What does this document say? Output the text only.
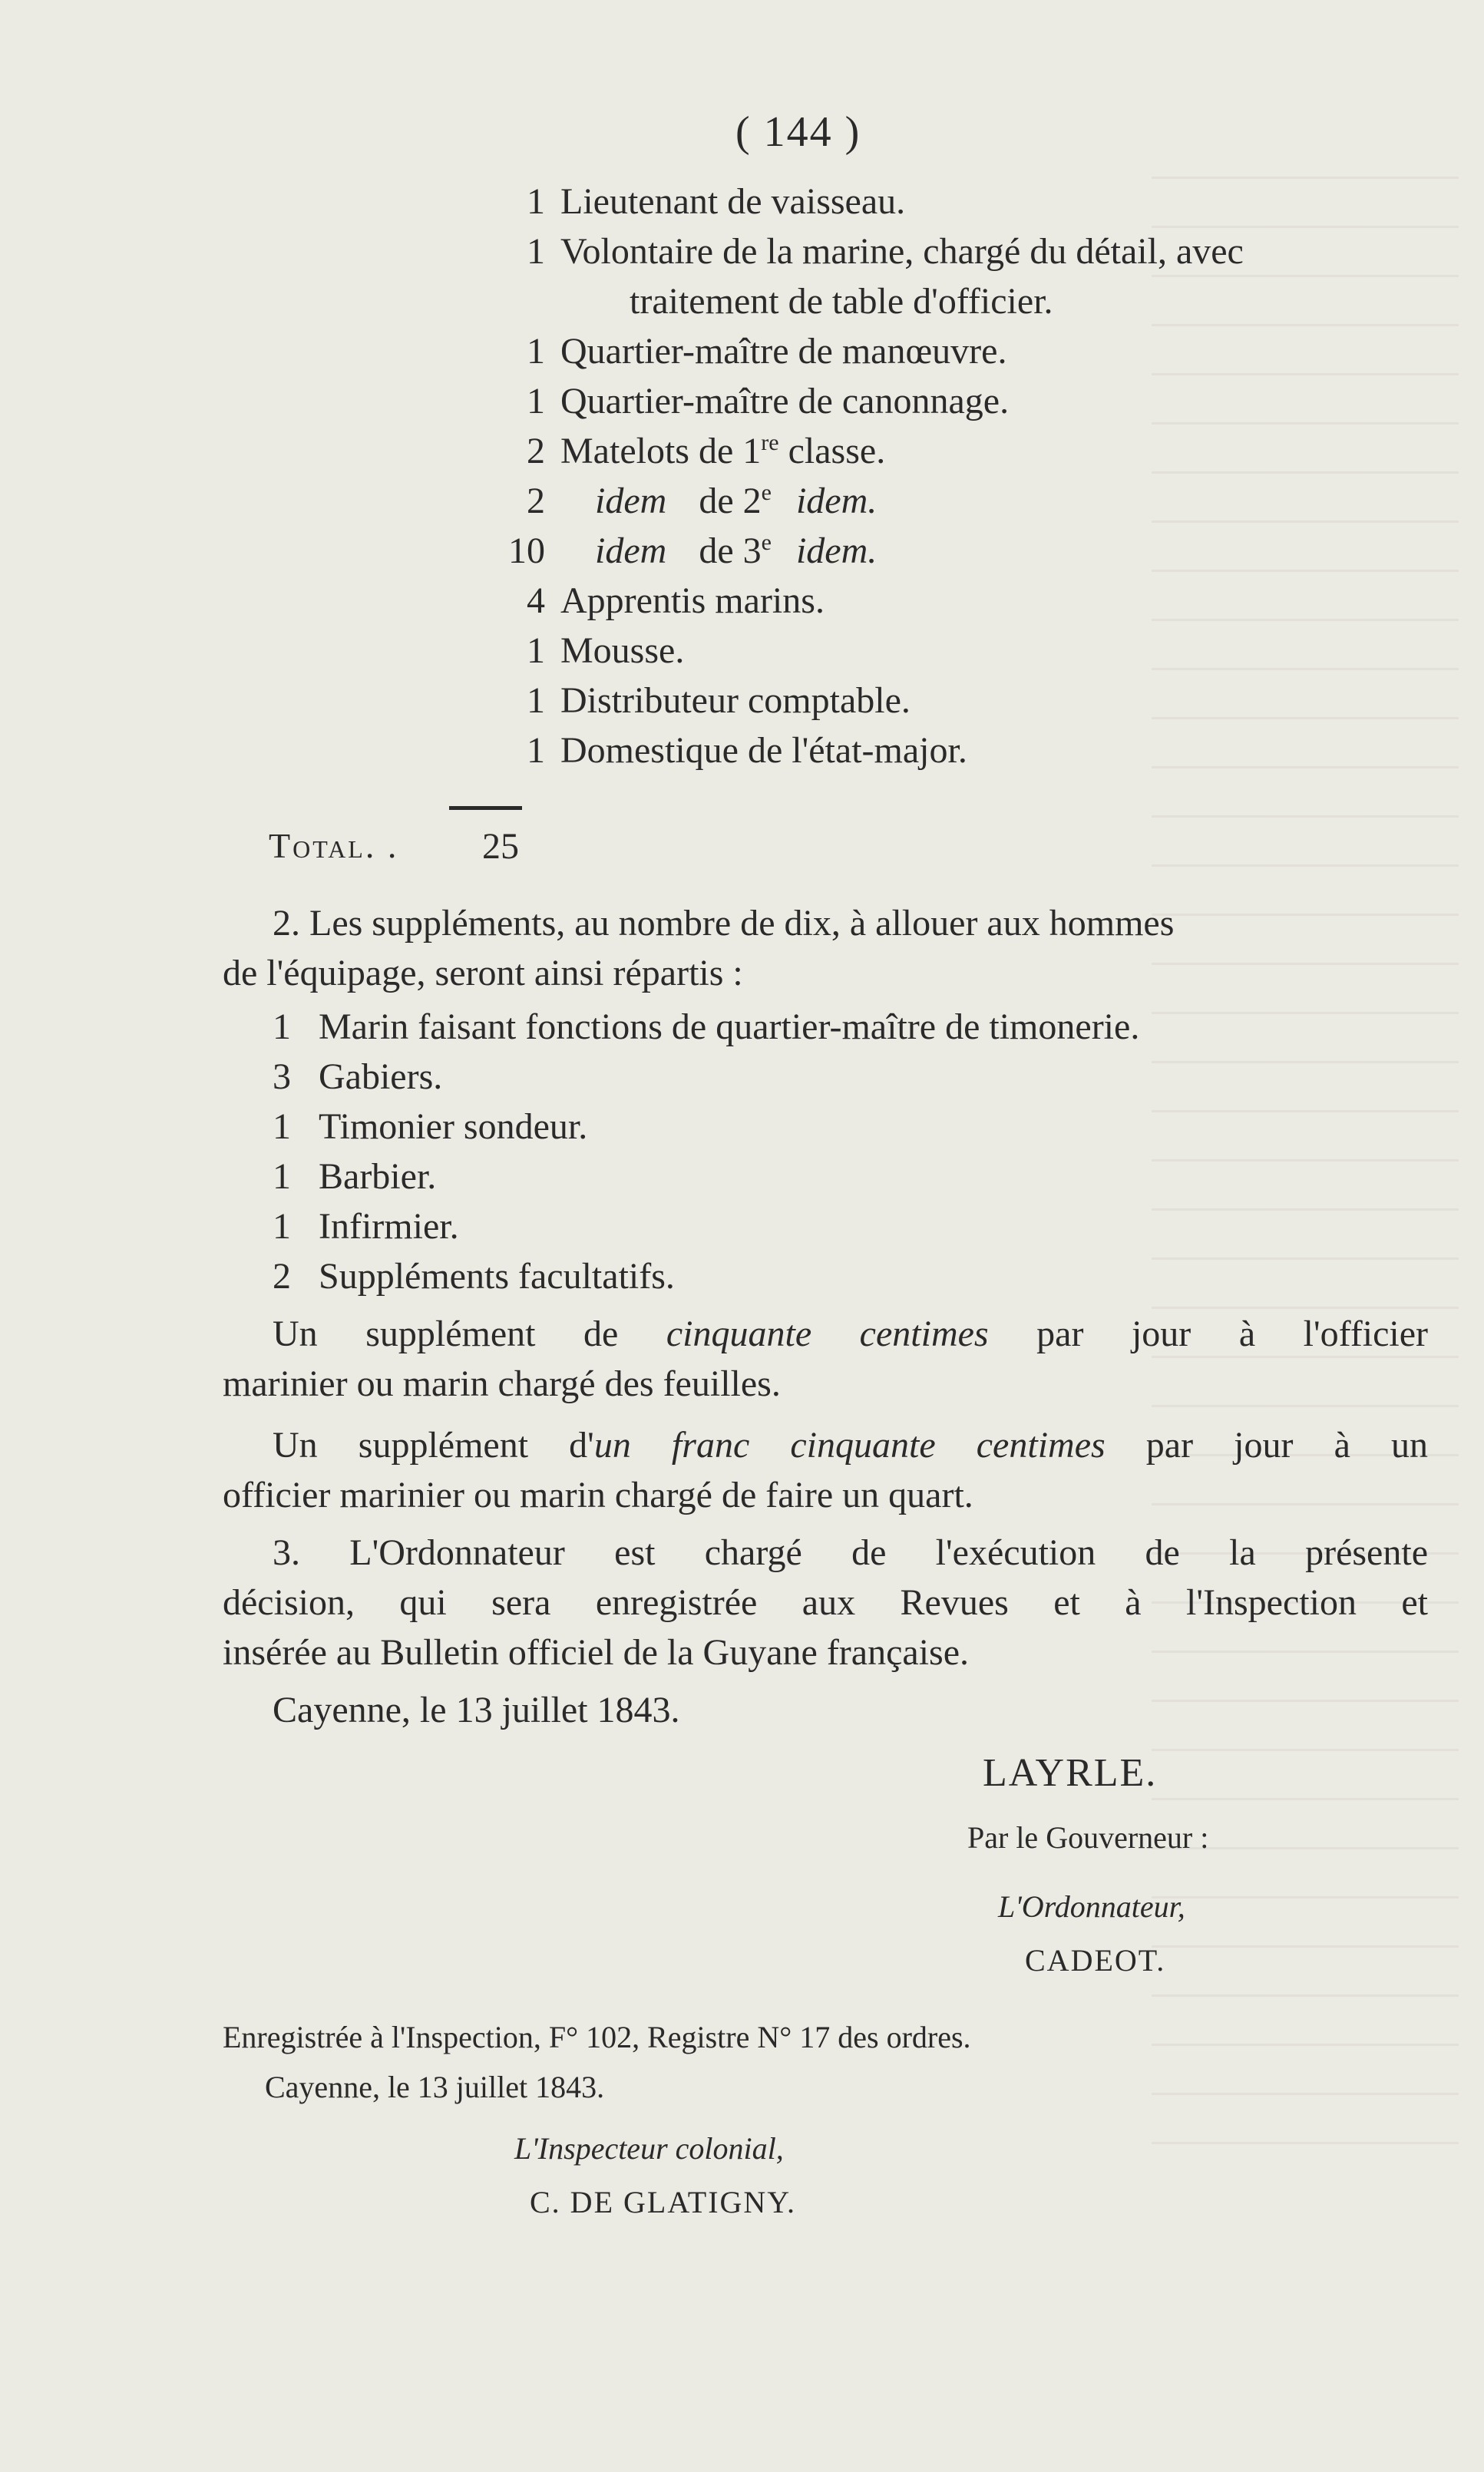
( 144 )
1 Lieutenant de vaisseau.
1 Volontaire de la marine, chargé du détail, avec
traitement de table d'officier.
1 Quartier-maître de manœuvre.
1 Quartier-maître de canonnage.
2 Matelots de 1re classe.
2 idem de 2e idem.
10 idem de 3e idem.
4 Apprentis marins.
1 Mousse.
1 Distributeur comptable.
1 Domestique de l'état-major.
Total. . 25
2. Les suppléments, au nombre de dix, à allouer aux hommes
de l'équipage, seront ainsi répartis :
1 Marin faisant fonctions de quartier-maître de timonerie.
3 Gabiers.
1 Timonier sondeur.
1 Barbier.
1 Infirmier.
2 Suppléments facultatifs.
Un supplément de cinquante centimes par jour à l'officier
marinier ou marin chargé des feuilles.
Un supplément d'un franc cinquante centimes par jour à un
officier marinier ou marin chargé de faire un quart.
3. L'Ordonnateur est chargé de l'exécution de la présente
décision, qui sera enregistrée aux Revues et à l'Inspection et
insérée au Bulletin officiel de la Guyane française.
Cayenne, le 13 juillet 1843.
LAYRLE.
Par le Gouverneur :
L'Ordonnateur,
CADEOT.
Enregistrée à l'Inspection, F° 102, Registre N° 17 des ordres.
Cayenne, le 13 juillet 1843.
L'Inspecteur colonial,
C. DE GLATIGNY.
